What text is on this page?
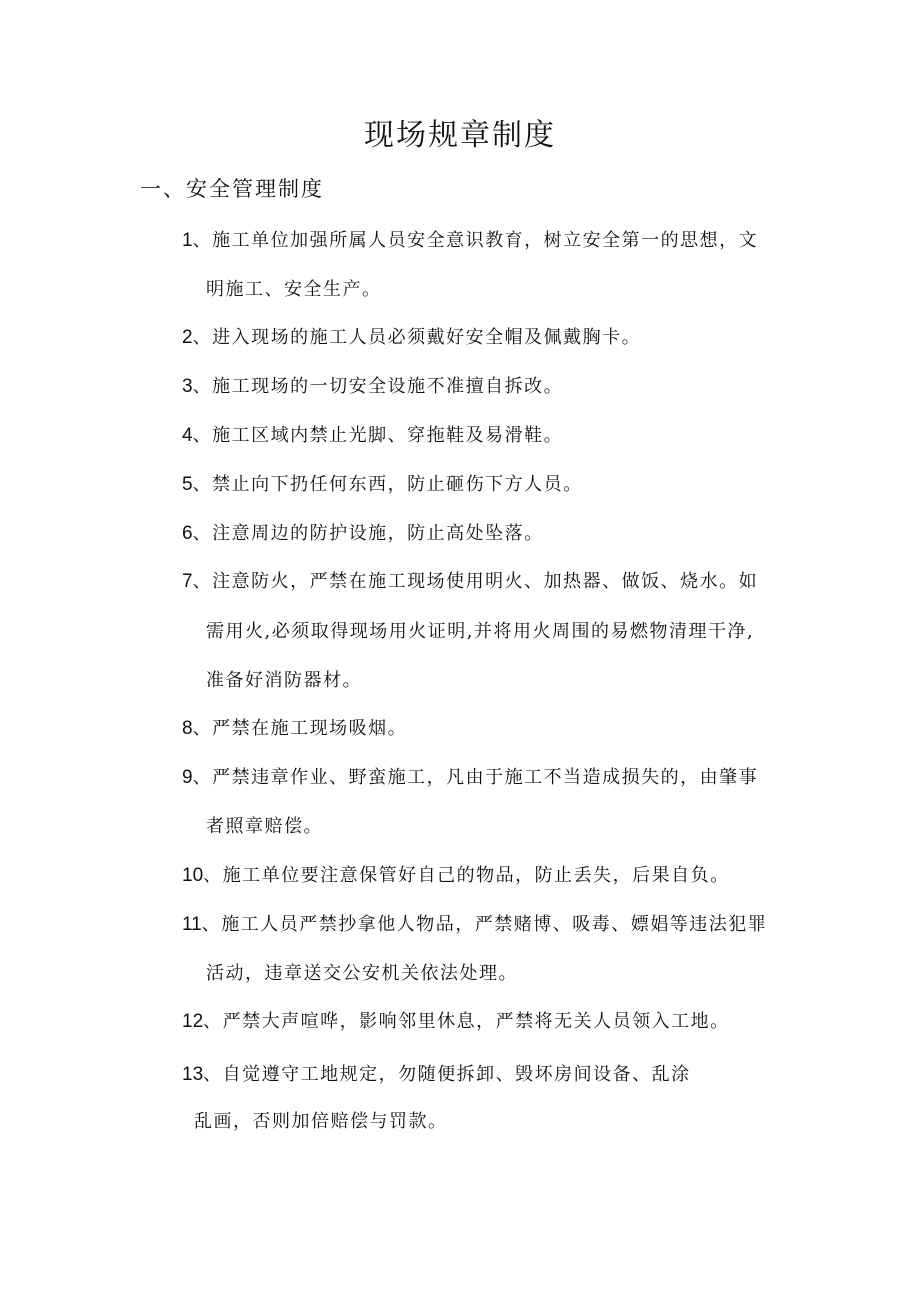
现场规章制度
一、安全管理制度
1、施工单位加强所属人员安全意识教育，树立安全第一的思想，文
明施工、安全生产。
2、进入现场的施工人员必须戴好安全帽及佩戴胸卡。
3、施工现场的一切安全设施不准擅自拆改。
4、施工区域内禁止光脚、穿拖鞋及易滑鞋。
5、禁止向下扔任何东西，防止砸伤下方人员。
6、注意周边的防护设施，防止高处坠落。
7、注意防火，严禁在施工现场使用明火、加热器、做饭、烧水。如
需用火,必须取得现场用火证明,并将用火周围的易燃物清理干净,
准备好消防器材。
8、严禁在施工现场吸烟。
9、严禁违章作业、野蛮施工，凡由于施工不当造成损失的，由肇事
者照章赔偿。
10、施工单位要注意保管好自己的物品，防止丢失，后果自负。
11、施工人员严禁抄拿他人物品，严禁赌博、吸毒、嫖娼等违法犯罪
活动，违章送交公安机关依法处理。
12、严禁大声喧哗，影响邻里休息，严禁将无关人员领入工地。
13、自觉遵守工地规定，勿随便拆卸、毁坏房间设备、乱涂
乱画，否则加倍赔偿与罚款。
